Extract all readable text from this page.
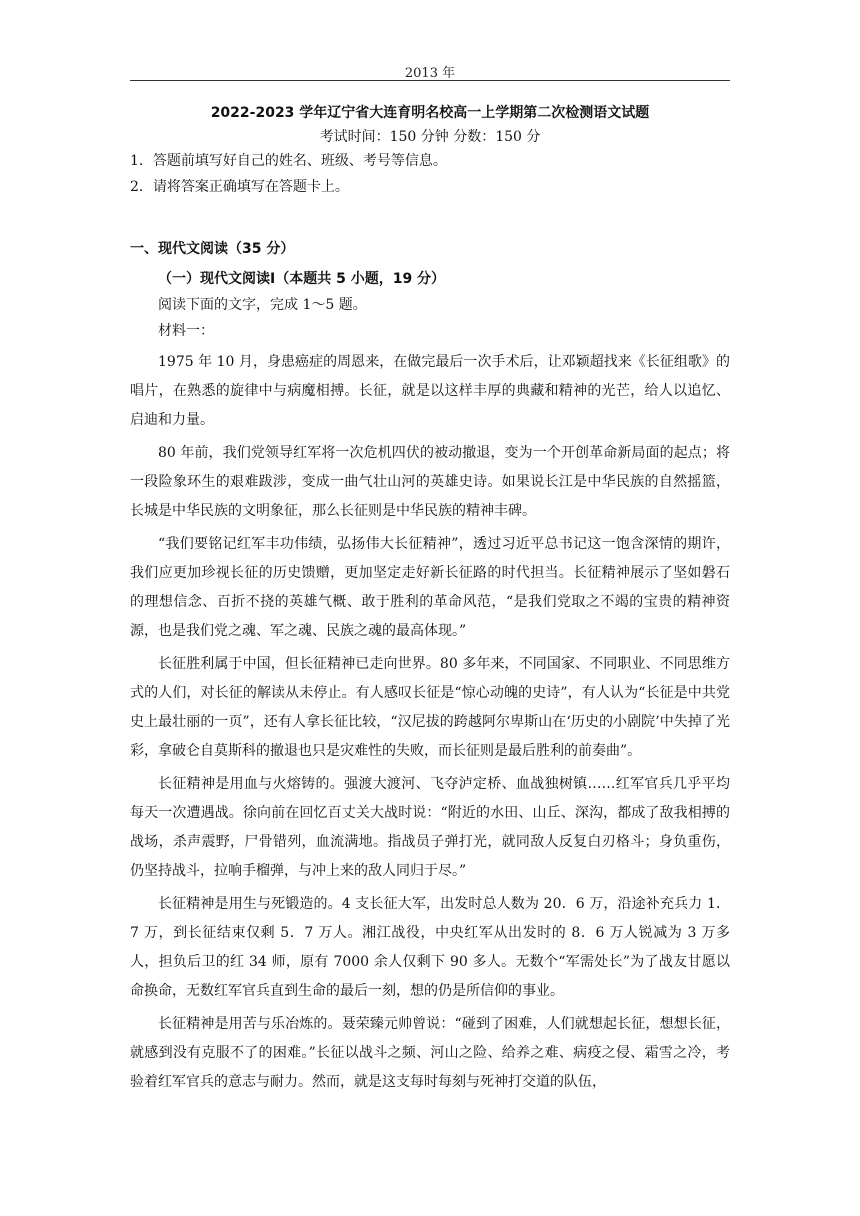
2013 年

2022-2023 学年辽宁省大连育明名校高一上学期第二次检测语文试题

考试时间：150 分钟 分数：150 分

1．答题前填写好自己的姓名、班级、考号等信息。

2．请将答案正确填写在答题卡上。

一、现代文阅读（35 分）

（一）现代文阅读Ⅰ（本题共 5 小题，19 分）

阅读下面的文字，完成 1～5 题。

材料一：

1975 年 10 月，身患癌症的周恩来，在做完最后一次手术后，让邓颖超找来《长征组歌》的唱片，在熟悉的旋律中与病魔相搏。长征，就是以这样丰厚的典藏和精神的光芒，给人以追忆、启迪和力量。

80 年前，我们党领导红军将一次危机四伏的被动撤退，变为一个开创革命新局面的起点；将一段险象环生的艰难跋涉，变成一曲气壮山河的英雄史诗。如果说长江是中华民族的自然摇篮，长城是中华民族的文明象征，那么长征则是中华民族的精神丰碑。

“我们要铭记红军丰功伟绩，弘扬伟大长征精神”，透过习近平总书记这一饱含深情的期许，我们应更加珍视长征的历史馈赠，更加坚定走好新长征路的时代担当。长征精神展示了坚如磐石的理想信念、百折不挠的英雄气概、敢于胜利的革命风范，“是我们党取之不竭的宝贵的精神资源，也是我们党之魂、军之魂、民族之魂的最高体现。”

长征胜利属于中国，但长征精神已走向世界。80 多年来，不同国家、不同职业、不同思维方式的人们，对长征的解读从未停止。有人感叹长征是“惊心动魄的史诗”，有人认为“长征是中共党史上最壮丽的一页”，还有人拿长征比较，“汉尼拔的跨越阿尔卑斯山在‘历史的小剧院’中失掉了光彩，拿破仑自莫斯科的撤退也只是灾难性的失败，而长征则是最后胜利的前奏曲”。

长征精神是用血与火熔铸的。强渡大渡河、飞夺泸定桥、血战独树镇……红军官兵几乎平均每天一次遭遇战。徐向前在回忆百丈关大战时说：“附近的水田、山丘、深沟，都成了敌我相搏的战场，杀声震野，尸骨错列，血流满地。指战员子弹打光，就同敌人反复白刃格斗；身负重伤，仍坚持战斗，拉响手榴弹，与冲上来的敌人同归于尽。”

长征精神是用生与死锻造的。4 支长征大军，出发时总人数为 20．6 万，沿途补充兵力 1．7 万，到长征结束仅剩 5．7 万人。湘江战役，中央红军从出发时的 8．6 万人锐减为 3 万多人，担负后卫的红 34 师，原有 7000 余人仅剩下 90 多人。无数个“军需处长”为了战友甘愿以命换命，无数红军官兵直到生命的最后一刻，想的仍是所信仰的事业。

长征精神是用苦与乐冶炼的。聂荣臻元帅曾说：“碰到了困难，人们就想起长征，想想长征，就感到没有克服不了的困难。”长征以战斗之频、河山之险、给养之难、病疫之侵、霜雪之冷，考验着红军官兵的意志与耐力。然而，就是这支每时每刻与死神打交道的队伍，
